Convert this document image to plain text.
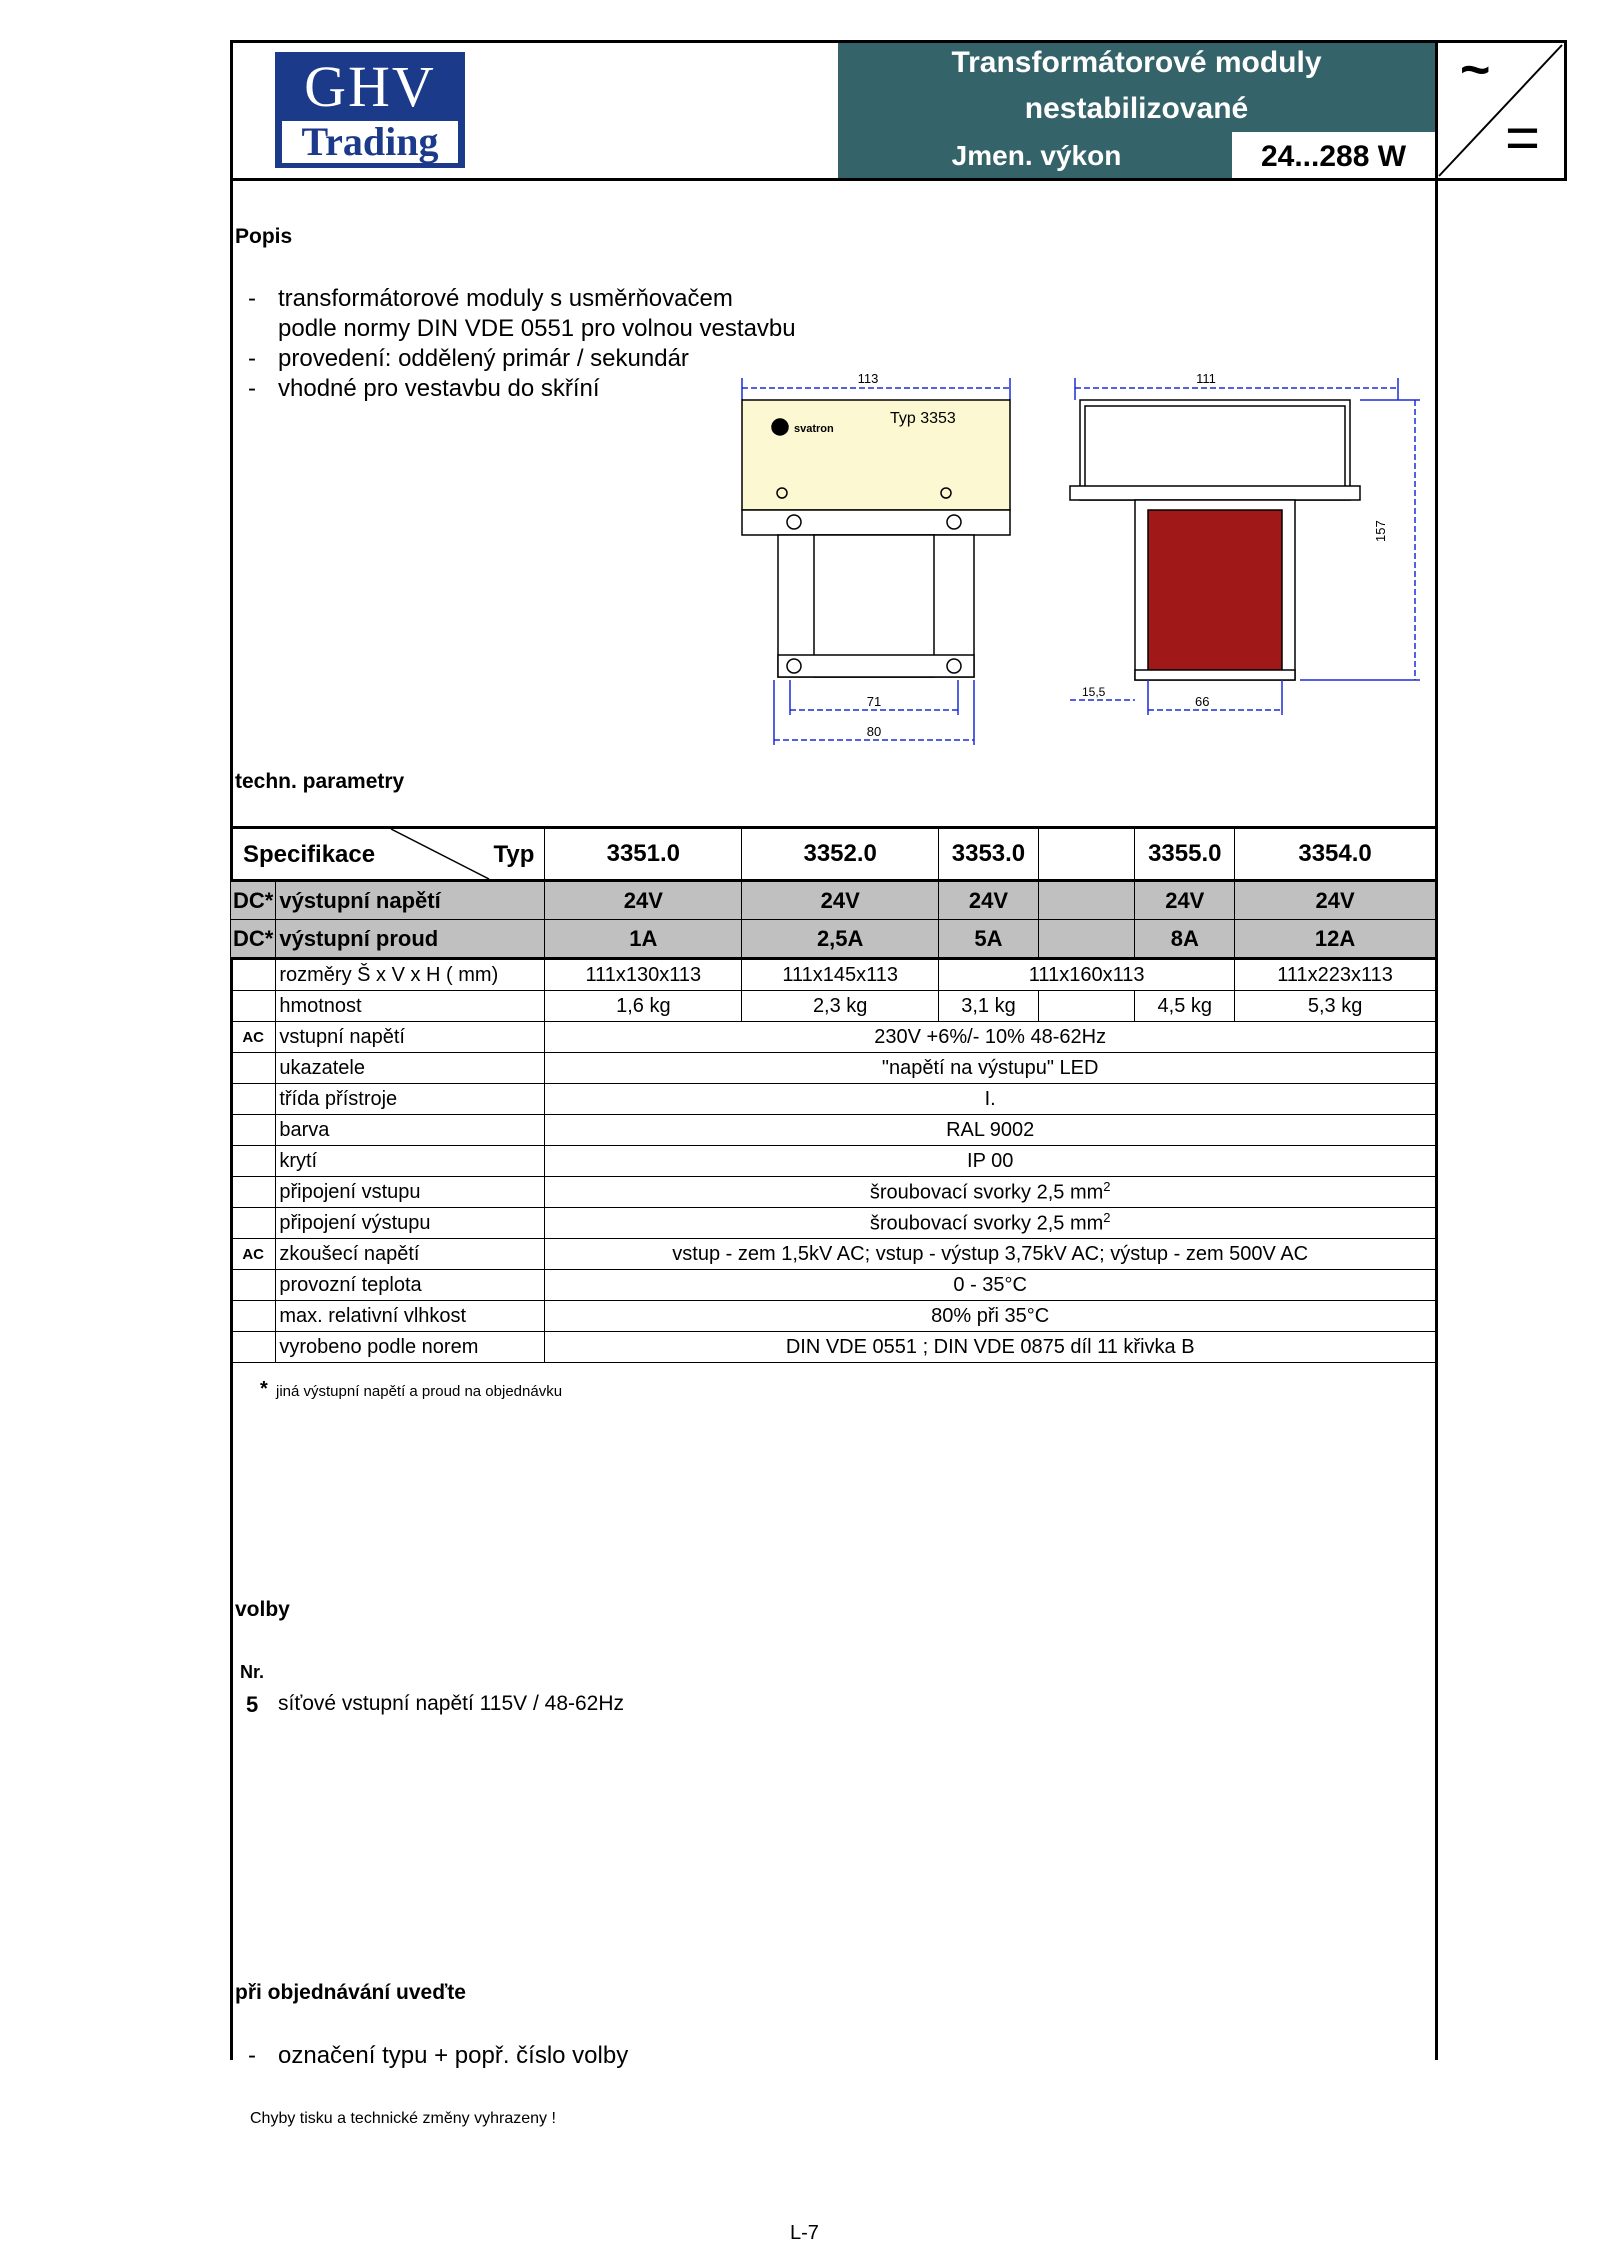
GHV
Trading
Transformátorové moduly
nestabilizované
Jmen. výkon	24...288 W
~
=
Popis
- transformátorové moduly s usměrňovačem
podle normy DIN VDE 0551 pro volnou vestavbu
- provedení: oddělený primár / sekundár
- vhodné pro vestavbu do skříní	113
svatron
Typ 3353
71
80
111
157
15,5
66
techn. parametry
Specifikace Typ		3351.0	3352.0	3353.0		3355.0	3354.0
DC*	výstupní napětí	24V	24V	24V		24V	24V
DC*	výstupní proud	1A	2,5A	5A		8A	12A
	rozměry Š x V x H ( mm)	111x130x113	111x145x113	111x160x113			111x223x113
	hmotnost	1,6 kg	2,3 kg	3,1 kg		4,5 kg	5,3 kg
AC	vstupní napětí	230V +6%/- 10% 48-62Hz					
	ukazatele	"napětí na výstupu" LED					
	třída přístroje	I.					
	barva	RAL 9002					
	krytí	IP 00					
	připojení vstupu	šroubovací svorky 2,5 $mm^2$
	připojení výstupu	šroubovací svorky 2,5 $mm^2$
AC	zkoušecí napětí	vstup - zem 1,5kV AC; vstup - výstup 3,75kV AC; výstup - zem 500V AC					
	provozní teplota	0 - 35°C					
	max. relativní vlhkost	80% při 35°C					
	vyrobeno podle norem	DIN VDE 0551 ; DIN VDE 0875 díl 11 křivka B					
* jiná výstupní napětí a proud na objednávku
volby
Nr.
5 síťové vstupní napětí 115V / 48-62Hz
při objednávání uveďte
- označení typu + popř. číslo volby
Chyby tisku a technické změny vyhrazeny !
L-7
